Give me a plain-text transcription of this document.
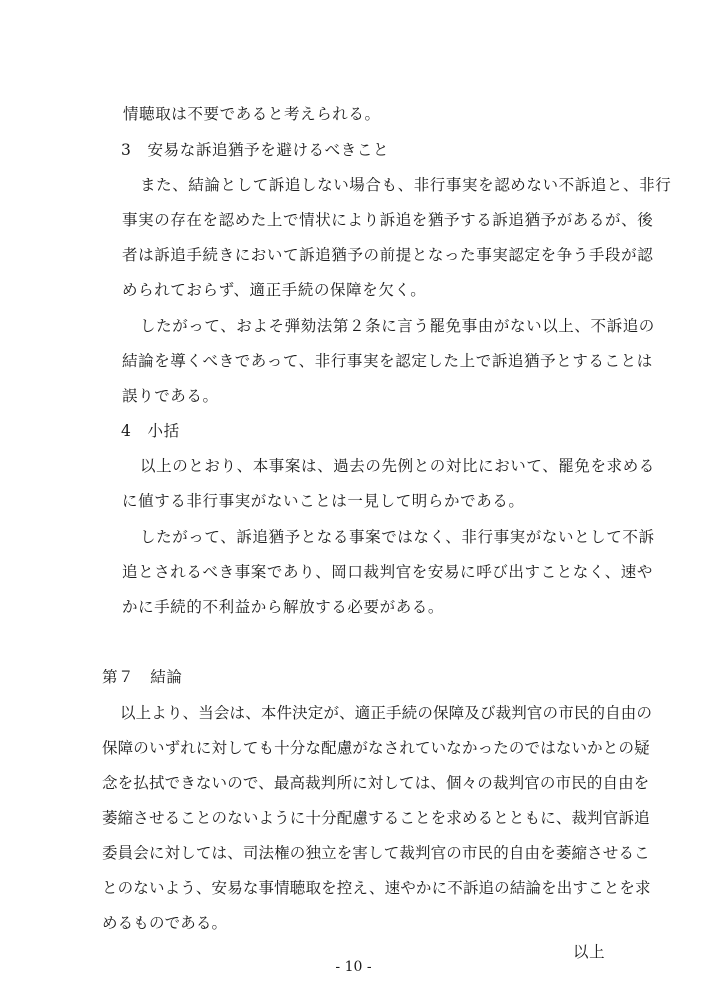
情聴取は不要であると考えられる。
3　安易な訴追猶予を避けるべきこと
また、結論として訴追しない場合も、非行事実を認めない不訴追と、非行
事実の存在を認めた上で情状により訴追を猶予する訴追猶予があるが、後
者は訴追手続きにおいて訴追猶予の前提となった事実認定を争う手段が認
められておらず、適正手続の保障を欠く。
したがって、およそ弾劾法第２条に言う罷免事由がない以上、不訴追の
結論を導くべきであって、非行事実を認定した上で訴追猶予とすることは
誤りである。
4　小括
以上のとおり、本事案は、過去の先例との対比において、罷免を求める
に値する非行事実がないことは一見して明らかである。
したがって、訴追猶予となる事案ではなく、非行事実がないとして不訴
追とされるべき事案であり、岡口裁判官を安易に呼び出すことなく、速や
かに手続的不利益から解放する必要がある。
第７　結論
以上より、当会は、本件決定が、適正手続の保障及び裁判官の市民的自由の
保障のいずれに対しても十分な配慮がなされていなかったのではないかとの疑
念を払拭できないので、最高裁判所に対しては、個々の裁判官の市民的自由を
萎縮させることのないように十分配慮することを求めるとともに、裁判官訴追
委員会に対しては、司法権の独立を害して裁判官の市民的自由を萎縮させるこ
とのないよう、安易な事情聴取を控え、速やかに不訴追の結論を出すことを求
めるものである。
以上
- 10 -
